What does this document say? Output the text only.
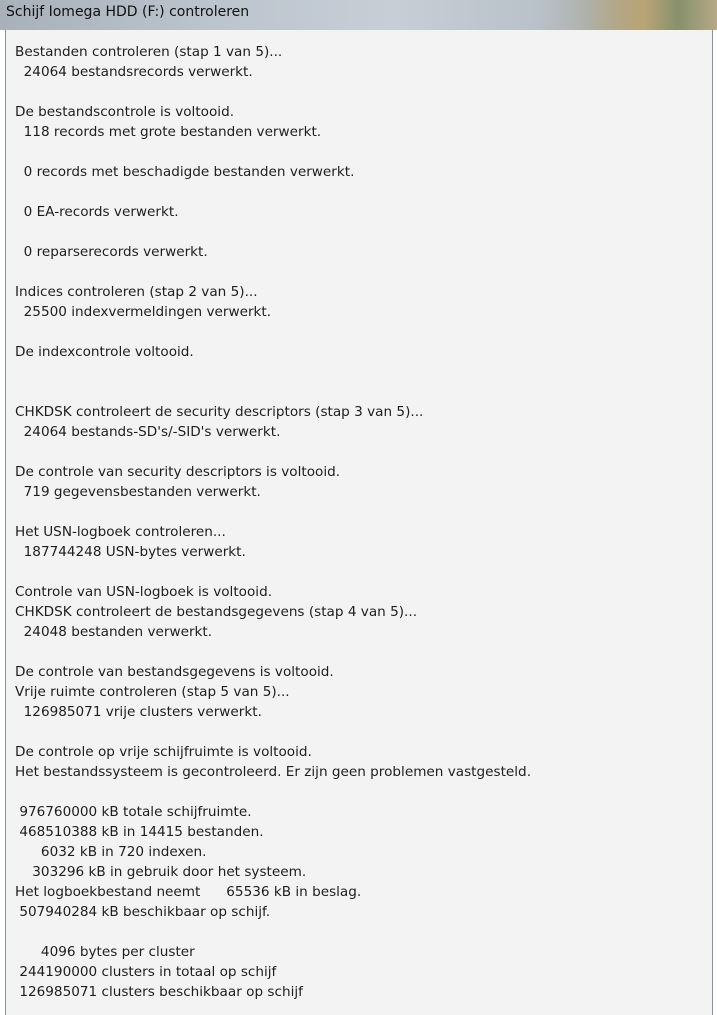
Schijf Iomega HDD (F:) controleren
Bestanden controleren (stap 1 van 5)...
24064 bestandsrecords verwerkt.
De bestandscontrole is voltooid.
118 records met grote bestanden verwerkt.
0 records met beschadigde bestanden verwerkt.
0 EA-records verwerkt.
0 reparserecords verwerkt.
Indices controleren (stap 2 van 5)...
25500 indexvermeldingen verwerkt.
De indexcontrole voltooid.
CHKDSK controleert de security descriptors (stap 3 van 5)...
24064 bestands-SD's/-SID's verwerkt.
De controle van security descriptors is voltooid.
719 gegevensbestanden verwerkt.
Het USN-logboek controleren...
187744248 USN-bytes verwerkt.
Controle van USN-logboek is voltooid.
CHKDSK controleert de bestandsgegevens (stap 4 van 5)...
24048 bestanden verwerkt.
De controle van bestandsgegevens is voltooid.
Vrije ruimte controleren (stap 5 van 5)...
126985071 vrije clusters verwerkt.
De controle op vrije schijfruimte is voltooid.
Het bestandssysteem is gecontroleerd. Er zijn geen problemen vastgesteld.
976760000 kB totale schijfruimte.
468510388 kB in 14415 bestanden.
6032 kB in 720 indexen.
303296 kB in gebruik door het systeem.
Het logboekbestand neemt      65536 kB in beslag.
507940284 kB beschikbaar op schijf.
4096 bytes per cluster
244190000 clusters in totaal op schijf
126985071 clusters beschikbaar op schijf
